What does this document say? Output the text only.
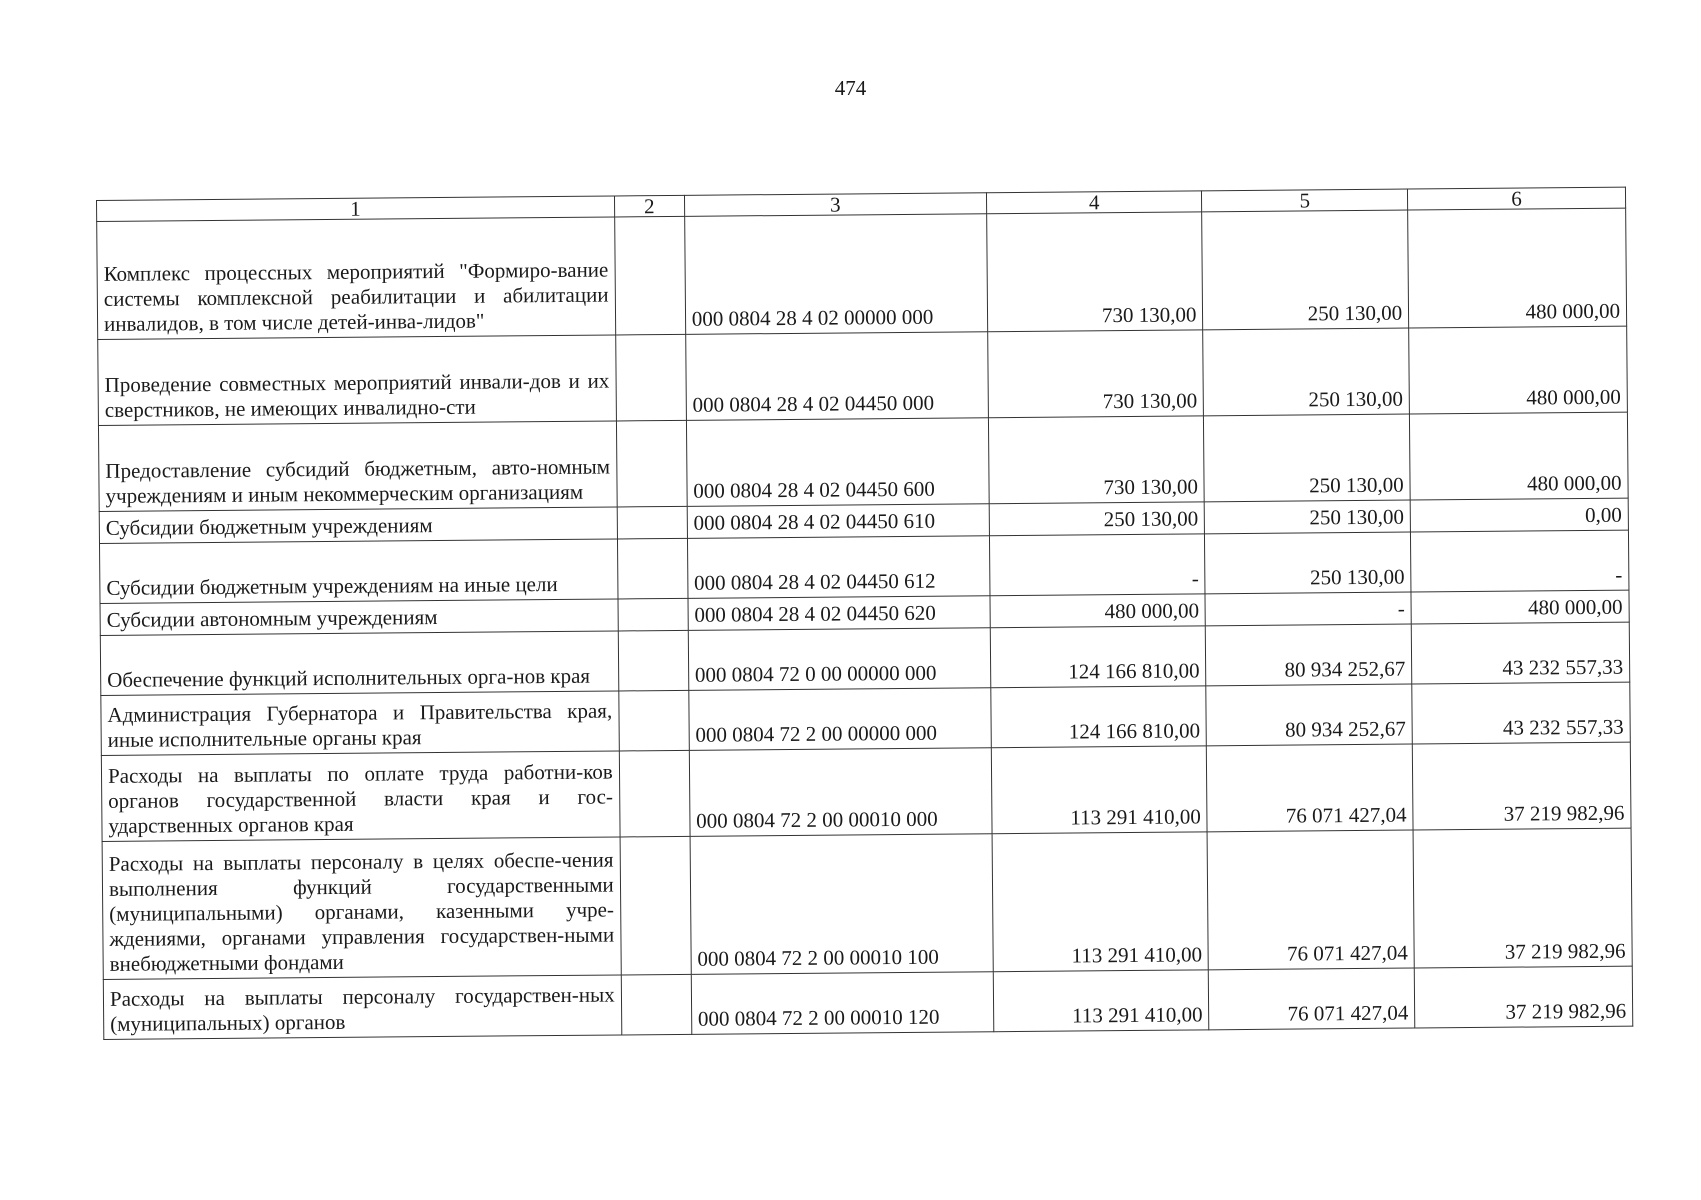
474
1	2	3	4	5	6
Комплекс процессных мероприятий "Формиро-вание системы комплексной реабилитации и абилитации инвалидов, в том числе детей-инва-лидов"		000 0804 28 4 02 00000 000	730 130,00	250 130,00	480 000,00
Проведение совместных мероприятий инвали-дов и их сверстников, не имеющих инвалидно-сти		000 0804 28 4 02 04450 000	730 130,00	250 130,00	480 000,00
Предоставление субсидий бюджетным, авто-номным учреждениям и иным некоммерческим организациям		000 0804 28 4 02 04450 600	730 130,00	250 130,00	480 000,00
Субсидии бюджетным учреждениям		000 0804 28 4 02 04450 610	250 130,00	250 130,00	0,00
Субсидии бюджетным учреждениям на иные цели		000 0804 28 4 02 04450 612	-	250 130,00	-
Субсидии автономным учреждениям		000 0804 28 4 02 04450 620	480 000,00	-	480 000,00
Обеспечение функций исполнительных орга-нов края		000 0804 72 0 00 00000 000	124 166 810,00	80 934 252,67	43 232 557,33
Администрация Губернатора и Правительства края, иные исполнительные органы края		000 0804 72 2 00 00000 000	124 166 810,00	80 934 252,67	43 232 557,33
Расходы на выплаты по оплате труда работни-ков органов государственной власти края и гос-ударственных органов края		000 0804 72 2 00 00010 000	113 291 410,00	76 071 427,04	37 219 982,96
Расходы на выплаты персоналу в целях обеспе-чения выполнения функций государственными (муниципальными) органами, казенными учре-ждениями, органами управления государствен-ными внебюджетными фондами		000 0804 72 2 00 00010 100	113 291 410,00	76 071 427,04	37 219 982,96
Расходы на выплаты персоналу государствен-ных (муниципальных) органов		000 0804 72 2 00 00010 120	113 291 410,00	76 071 427,04	37 219 982,96
